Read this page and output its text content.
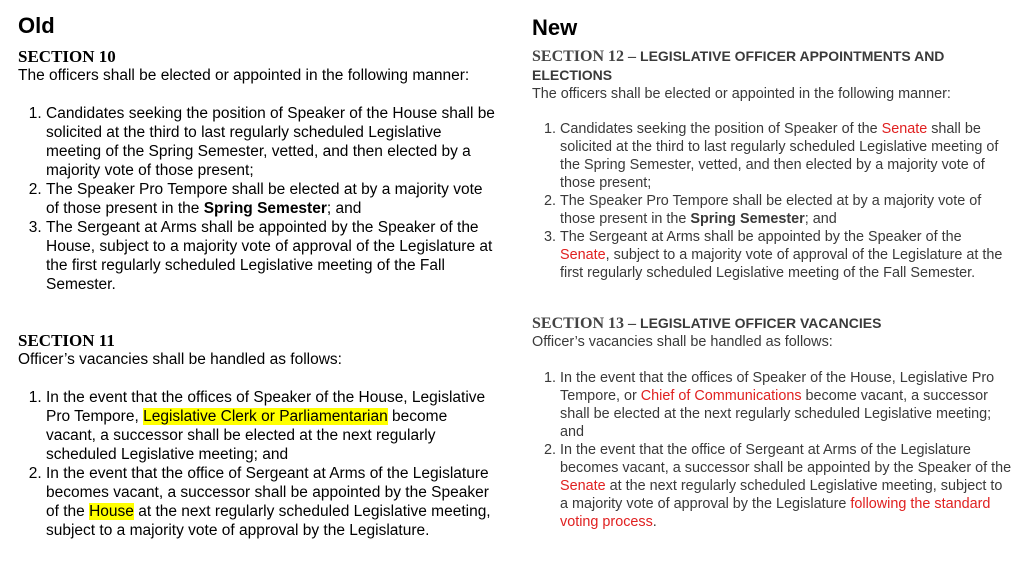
Old
SECTION 10
The officers shall be elected or appointed in the following manner:
1. Candidates seeking the position of Speaker of the House shall be solicited at the third to last regularly scheduled Legislative meeting of the Spring Semester, vetted, and then elected by a majority vote of those present;
2. The Speaker Pro Tempore shall be elected at by a majority vote of those present in the Spring Semester; and
3. The Sergeant at Arms shall be appointed by the Speaker of the House, subject to a majority vote of approval of the Legislature at the first regularly scheduled Legislative meeting of the Fall Semester.
SECTION 11
Officer’s vacancies shall be handled as follows:
1. In the event that the offices of Speaker of the House, Legislative Pro Tempore, Legislative Clerk or Parliamentarian become vacant, a successor shall be elected at the next regularly scheduled Legislative meeting; and
2. In the event that the office of Sergeant at Arms of the Legislature becomes vacant, a successor shall be appointed by the Speaker of the House at the next regularly scheduled Legislative meeting, subject to a majority vote of approval by the Legislature.
New
SECTION 12 – LEGISLATIVE OFFICER APPOINTMENTS AND ELECTIONS
The officers shall be elected or appointed in the following manner:
1. Candidates seeking the position of Speaker of the Senate shall be solicited at the third to last regularly scheduled Legislative meeting of the Spring Semester, vetted, and then elected by a majority vote of those present;
2. The Speaker Pro Tempore shall be elected at by a majority vote of those present in the Spring Semester; and
3. The Sergeant at Arms shall be appointed by the Speaker of the Senate, subject to a majority vote of approval of the Legislature at the first regularly scheduled Legislative meeting of the Fall Semester.
SECTION 13 – LEGISLATIVE OFFICER VACANCIES
Officer’s vacancies shall be handled as follows:
1. In the event that the offices of Speaker of the House, Legislative Pro Tempore, or Chief of Communications become vacant, a successor shall be elected at the next regularly scheduled Legislative meeting; and
2. In the event that the office of Sergeant at Arms of the Legislature becomes vacant, a successor shall be appointed by the Speaker of the Senate at the next regularly scheduled Legislative meeting, subject to a majority vote of approval by the Legislature following the standard voting process.
